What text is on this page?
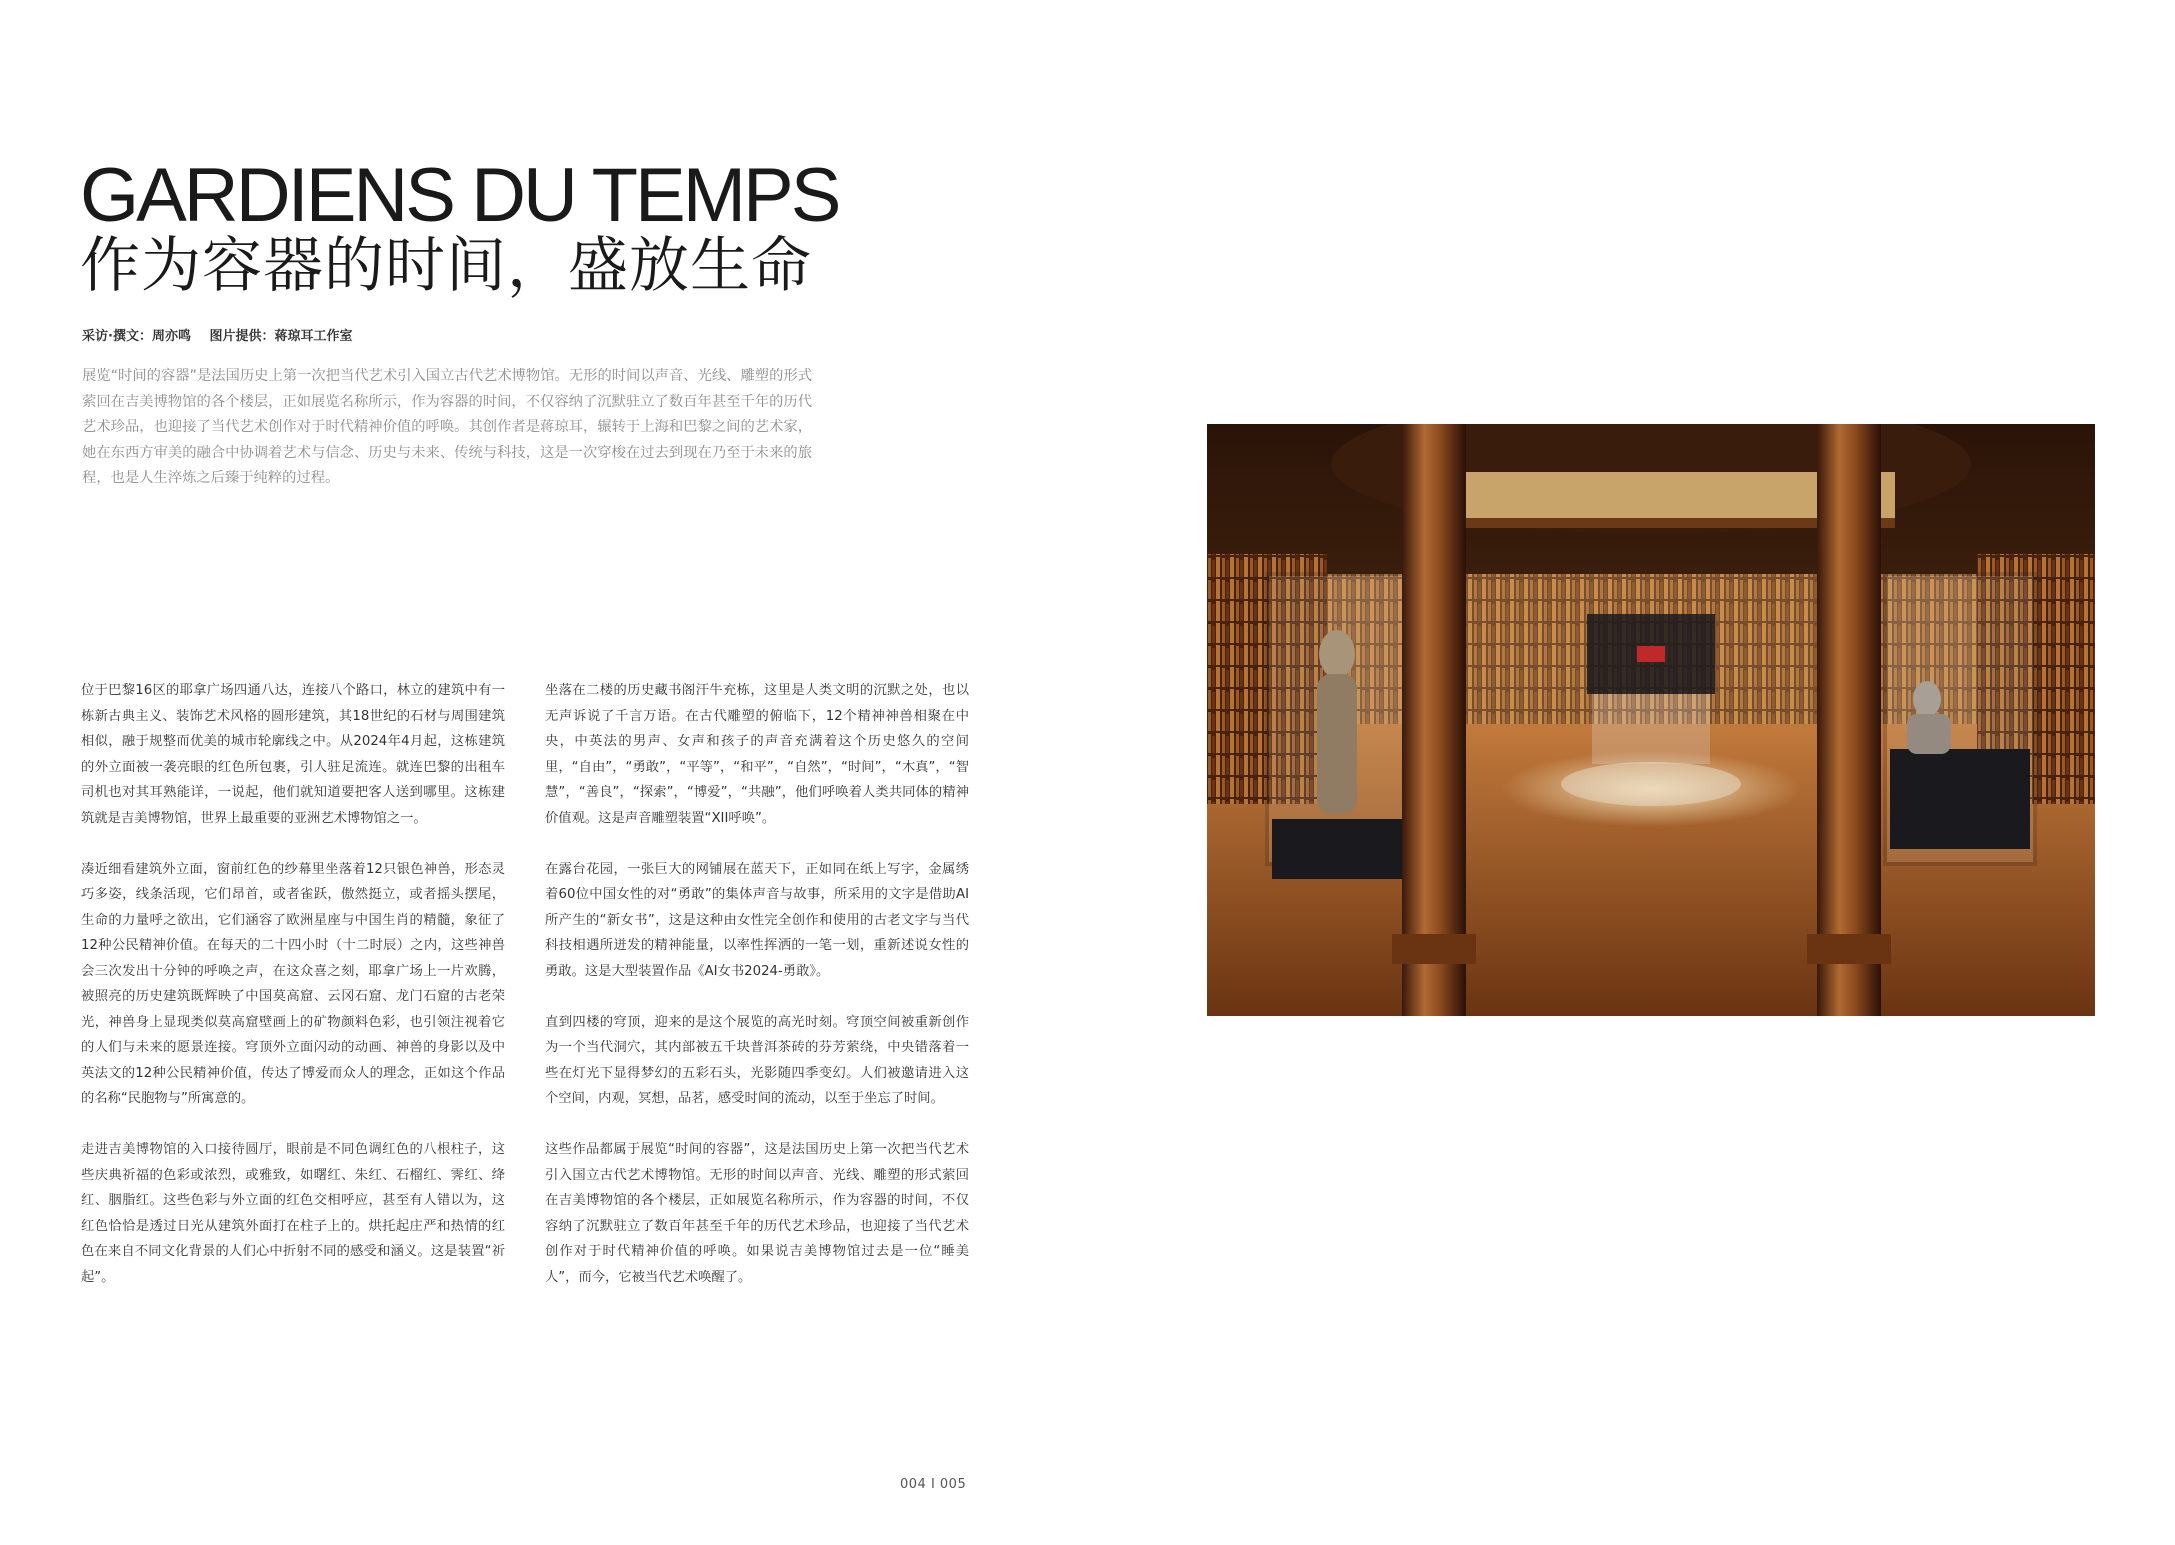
GARDIENS DU TEMPS
作为容器的时间，盛放生命
采访·撰文：周亦鸣 图片提供：蒋琼耳工作室
展览“时间的容器”是法国历史上第一次把当代艺术引入国立古代艺术博物馆。无形的时间以声音、光线、雕塑的形式萦回在吉美博物馆的各个楼层，正如展览名称所示，作为容器的时间，不仅容纳了沉默驻立了数百年甚至千年的历代艺术珍品，也迎接了当代艺术创作对于时代精神价值的呼唤。其创作者是蒋琼耳，辗转于上海和巴黎之间的艺术家，她在东西方审美的融合中协调着艺术与信念、历史与未来、传统与科技，这是一次穿梭在过去到现在乃至于未来的旅程，也是人生淬炼之后臻于纯粹的过程。

位于巴黎16区的耶拿广场四通八达，连接八个路口，林立的建筑中有一栋新古典主义、装饰艺术风格的圆形建筑，其18世纪的石材与周围建筑相似，融于规整而优美的城市轮廓线之中。从2024年4月起，这栋建筑的外立面被一袭亮眼的红色所包裹，引人驻足流连。就连巴黎的出租车司机也对其耳熟能详，一说起，他们就知道要把客人送到哪里。这栋建筑就是吉美博物馆，世界上最重要的亚洲艺术博物馆之一。

凑近细看建筑外立面，窗前红色的纱幕里坐落着12只银色神兽，形态灵巧多姿，线条活现，它们昂首，或者雀跃，傲然挺立，或者摇头摆尾，生命的力量呼之欲出，它们涵容了欧洲星座与中国生肖的精髓，象征了12种公民精神价值。在每天的二十四小时（十二时辰）之内，这些神兽会三次发出十分钟的呼唤之声，在这众喜之刻，耶拿广场上一片欢腾，被照亮的历史建筑既辉映了中国莫高窟、云冈石窟、龙门石窟的古老荣光，神兽身上显现类似莫高窟壁画上的矿物颜料色彩，也引领注视着它的人们与未来的愿景连接。穹顶外立面闪动的动画、神兽的身影以及中英法文的12种公民精神价值，传达了博爱而众人的理念，正如这个作品的名称“民胞物与”所寓意的。

走进吉美博物馆的入口接待圆厅，眼前是不同色调红色的八根柱子，这些庆典祈福的色彩或浓烈，或雅致，如曙红、朱红、石榴红、霁红、绛红、胭脂红。这些色彩与外立面的红色交相呼应，甚至有人错以为，这红色恰恰是透过日光从建筑外面打在柱子上的。烘托起庄严和热情的红色在来自不同文化背景的人们心中折射不同的感受和涵义。这是装置“祈起”。

坐落在二楼的历史藏书阁汗牛充栋，这里是人类文明的沉默之处，也以无声诉说了千言万语。在古代雕塑的俯临下，12个精神神兽相聚在中央，中英法的男声、女声和孩子的声音充满着这个历史悠久的空间里，“自由”，“勇敢”，“平等”，“和平”，“自然”，“时间”，“木真”，“智慧”，“善良”，“探索”，“博爱”，“共融”，他们呼唤着人类共同体的精神价值观。这是声音雕塑装置“XII呼唤”。

在露台花园，一张巨大的网铺展在蓝天下，正如同在纸上写字，金属绣着60位中国女性的对“勇敢”的集体声音与故事，所采用的文字是借助AI所产生的“新女书”，这是这种由女性完全创作和使用的古老文字与当代科技相遇所迸发的精神能量，以率性挥洒的一笔一划，重新述说女性的勇敢。这是大型装置作品《AI女书2024-勇敢》。

直到四楼的穹顶，迎来的是这个展览的高光时刻。穹顶空间被重新创作为一个当代洞穴，其内部被五千块普洱茶砖的芬芳萦绕，中央错落着一些在灯光下显得梦幻的五彩石头，光影随四季变幻。人们被邀请进入这个空间，内观，冥想，品茗，感受时间的流动，以至于坐忘了时间。

这些作品都属于展览“时间的容器”，这是法国历史上第一次把当代艺术引入国立古代艺术博物馆。无形的时间以声音、光线、雕塑的形式萦回在吉美博物馆的各个楼层，正如展览名称所示，作为容器的时间，不仅容纳了沉默驻立了数百年甚至千年的历代艺术珍品，也迎接了当代艺术创作对于时代精神价值的呼唤。如果说吉美博物馆过去是一位“睡美人”，而今，它被当代艺术唤醒了。

004 I 005
